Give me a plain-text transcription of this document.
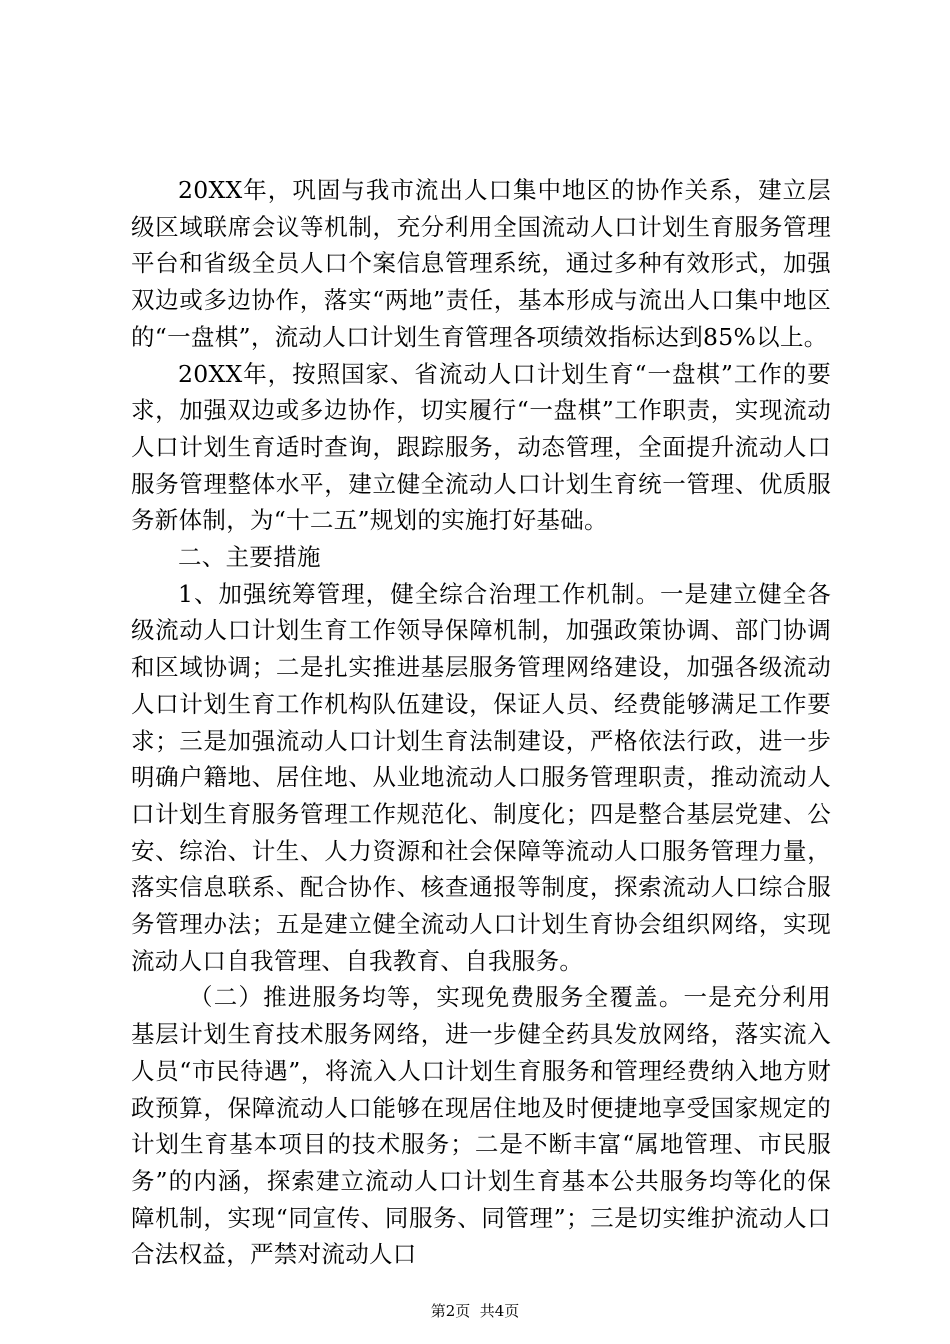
20XX年，巩固与我市流出人口集中地区的协作关系，建立层级区域联席会议等机制，充分利用全国流动人口计划生育服务管理平台和省级全员人口个案信息管理系统，通过多种有效形式，加强双边或多边协作，落实“两地”责任，基本形成与流出人口集中地区的“一盘棋”，流动人口计划生育管理各项绩效指标达到85%以上。

20XX年，按照国家、省流动人口计划生育“一盘棋”工作的要求，加强双边或多边协作，切实履行“一盘棋”工作职责，实现流动人口计划生育适时查询，跟踪服务，动态管理，全面提升流动人口服务管理整体水平，建立健全流动人口计划生育统一管理、优质服务新体制，为“十二五”规划的实施打好基础。

二、主要措施

1、加强统筹管理，健全综合治理工作机制。一是建立健全各级流动人口计划生育工作领导保障机制，加强政策协调、部门协调和区域协调；二是扎实推进基层服务管理网络建设，加强各级流动人口计划生育工作机构队伍建设，保证人员、经费能够满足工作要求；三是加强流动人口计划生育法制建设，严格依法行政，进一步明确户籍地、居住地、从业地流动人口服务管理职责，推动流动人口计划生育服务管理工作规范化、制度化；四是整合基层党建、公安、综治、计生、人力资源和社会保障等流动人口服务管理力量，落实信息联系、配合协作、核查通报等制度，探索流动人口综合服务管理办法；五是建立健全流动人口计划生育协会组织网络，实现流动人口自我管理、自我教育、自我服务。

（二）推进服务均等，实现免费服务全覆盖。一是充分利用基层计划生育技术服务网络，进一步健全药具发放网络，落实流入人员“市民待遇”，将流入人口计划生育服务和管理经费纳入地方财政预算，保障流动人口能够在现居住地及时便捷地享受国家规定的计划生育基本项目的技术服务；二是不断丰富“属地管理、市民服务”的内涵，探索建立流动人口计划生育基本公共服务均等化的保障机制，实现“同宣传、同服务、同管理”；三是切实维护流动人口合法权益，严禁对流动人口

第2页  共4页
